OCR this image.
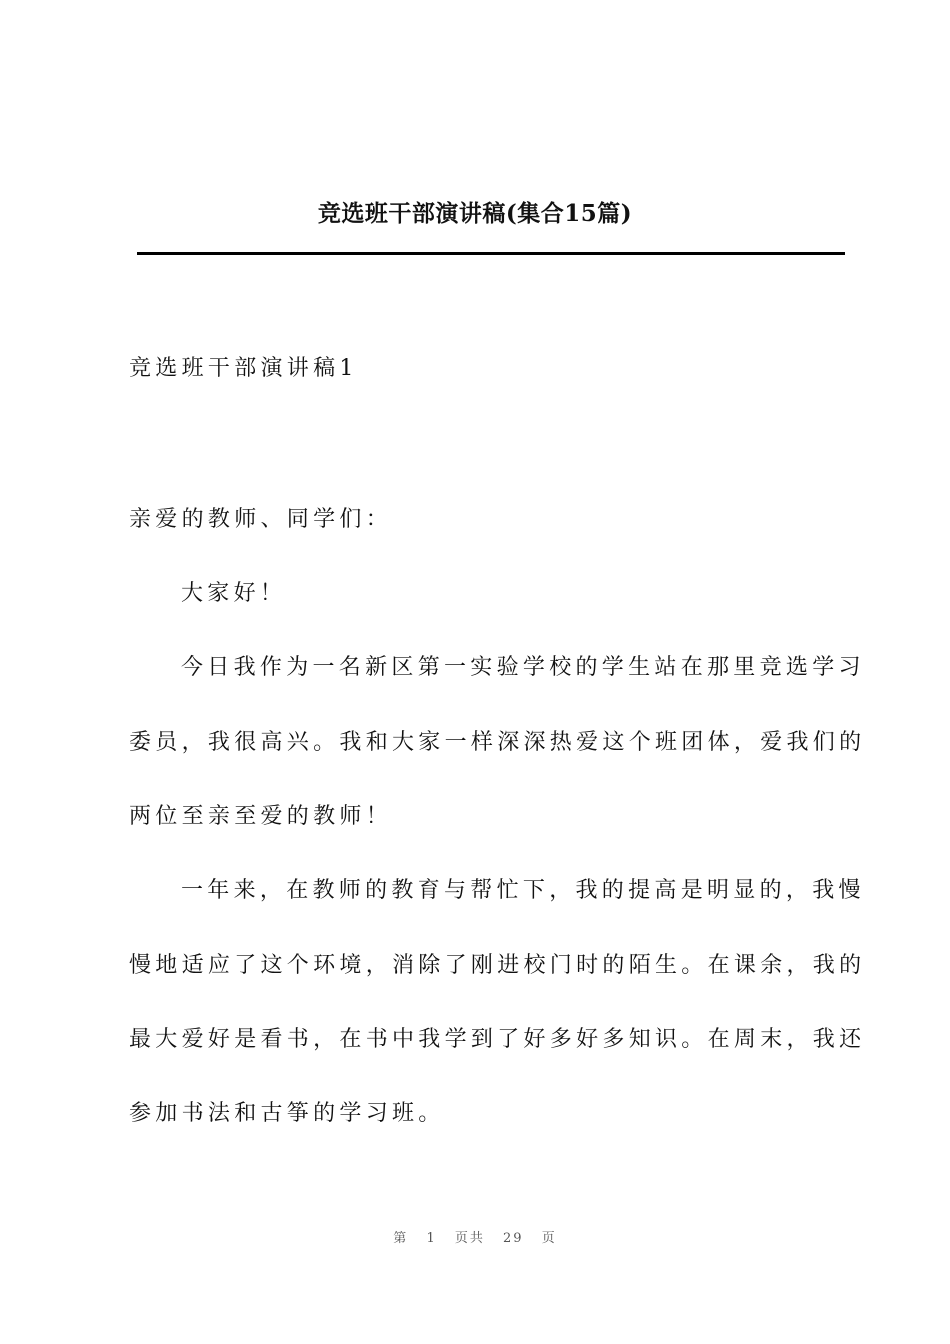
竞选班干部演讲稿(集合15篇)
竞选班干部演讲稿1
亲爱的教师、同学们：
大家好！
今日我作为一名新区第一实验学校的学生站在那里竞选学习
委员，我很高兴。我和大家一样深深热爱这个班团体，爱我们的
两位至亲至爱的教师！
一年来，在教师的教育与帮忙下，我的提高是明显的，我慢
慢地适应了这个环境，消除了刚进校门时的陌生。在课余，我的
最大爱好是看书，在书中我学到了好多好多知识。在周末，我还
参加书法和古筝的学习班。
第 1 页共 29 页
